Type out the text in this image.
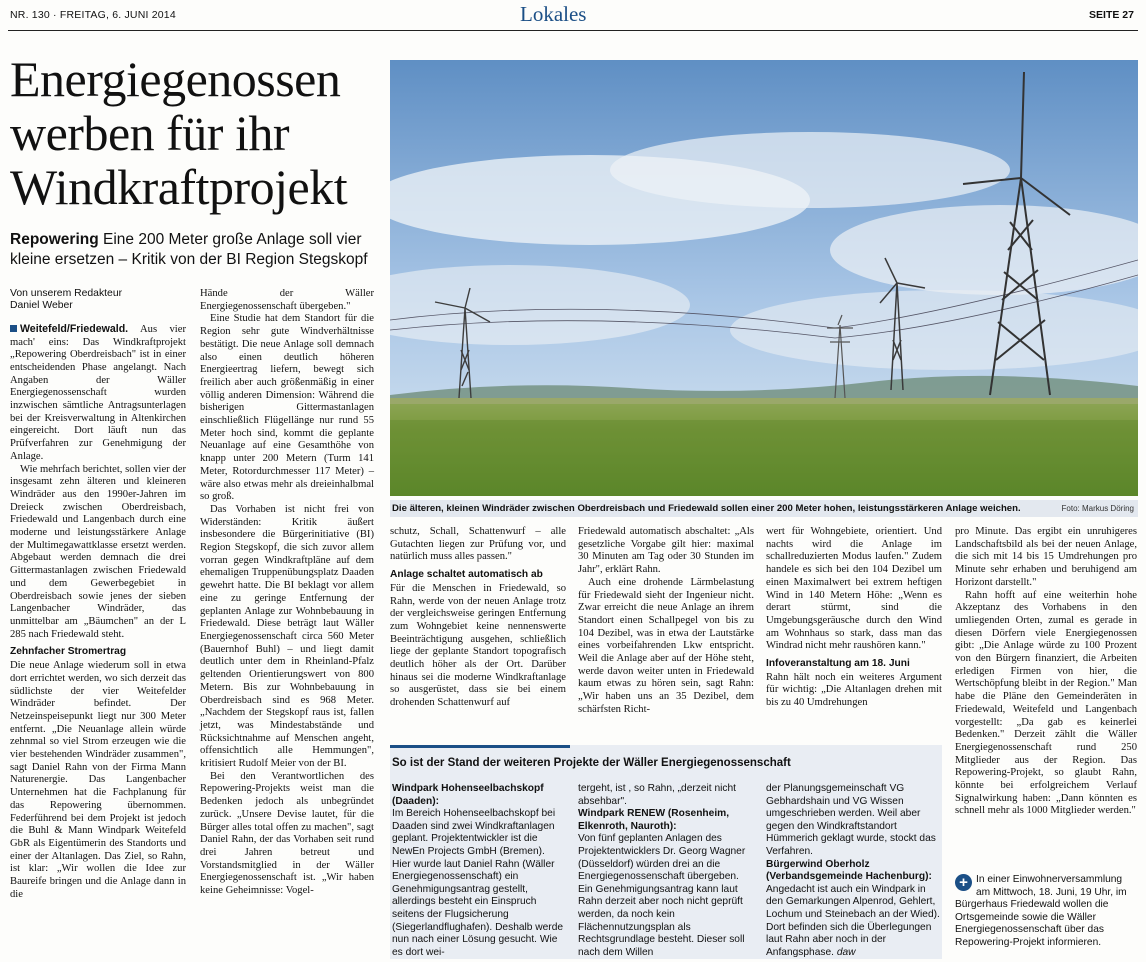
NR. 130 · FREITAG, 6. JUNI 2014	Lokales	SEITE 27
Energiegenossen werben für ihr Windkraftprojekt
Repowering Eine 200 Meter große Anlage soll vier kleine ersetzen – Kritik von der BI Region Stegskopf
Die älteren, kleinen Windräder zwischen Oberdreisbach und Friedewald sollen einer 200 Meter hohen, leistungsstärkeren Anlage weichen.	Foto: Markus Döring
Von unserem Redakteur
Daniel Weber

Weitefeld/Friedewald. Aus vier mach' eins: Das Windkraftprojekt „Repowering Oberdreisbach" ist in einer entscheidenden Phase angelangt. Nach Angaben der Wäller Energiegenossenschaft wurden inzwischen sämtliche Antragsunterlagen bei der Kreisverwaltung in Altenkirchen eingereicht. Dort läuft nun das Prüfverfahren zur Genehmigung der Anlage.

Wie mehrfach berichtet, sollen vier der insgesamt zehn älteren und kleineren Windräder aus den 1990er-Jahren im Dreieck zwischen Oberdreisbach, Friedewald und Langenbach durch eine moderne und leistungsstärkere Anlage der Multimegawattklasse ersetzt werden. Abgebaut werden demnach die drei Gittermastanlagen zwischen Friedewald und dem Gewerbegebiet in Oberdreisbach sowie jenes der sieben Langenbacher Windräder, das unmittelbar am „Bäumchen" an der L 285 nach Friedewald steht.

Zehnfacher Stromertrag

Die neue Anlage wiederum soll in etwa dort errichtet werden, wo sich derzeit das südlichste der vier Weitefelder Windräder befindet. Der Netzeinspeisepunkt liegt nur 300 Meter entfernt. „Die Neuanlage allein würde zehnmal so viel Strom erzeugen wie die vier bestehenden Windräder zusammen", sagt Daniel Rahn von der Firma Mann Naturenergie. Das Langenbacher Unternehmen hat die Fachplanung für das Repowering übernommen. Federführend bei dem Projekt ist jedoch die Buhl & Mann Windpark Weitefeld GbR als Eigentümerin des Standorts und einer der Altanlagen. Das Ziel, so Rahn, ist klar: „Wir wollen die Idee zur Baureife bringen und die Anlage dann in die

Hände der Wäller Energiegenossenschaft übergeben."

Eine Studie hat dem Standort für die Region sehr gute Windverhältnisse bestätigt. Die neue Anlage soll demnach also einen deutlich höheren Energieertrag liefern, bewegt sich freilich aber auch größenmäßig in einer völlig anderen Dimension: Während die bisherigen Gittermastanlagen einschließlich Flügellänge nur rund 55 Meter hoch sind, kommt die geplante Neuanlage auf eine Gesamthöhe von knapp unter 200 Metern (Turm 141 Meter, Rotordurchmesser 117 Meter) – wäre also etwas mehr als dreieinhalbmal so groß.

Das Vorhaben ist nicht frei von Widerständen: Kritik äußert insbesondere die Bürgerinitiative (BI) Region Stegskopf, die sich zuvor allem vorran gegen Windkraftpläne auf dem ehemaligen Truppenübungsplatz Daaden gewehrt hatte. Die BI beklagt vor allem eine zu geringe Entfernung der geplanten Anlage zur Wohnbebauung in Friedewald. Diese beträgt laut Wäller Energiegenossenschaft circa 560 Meter (Bauernhof Buhl) – und liegt damit deutlich unter dem in Rheinland-Pfalz geltenden Orientierungswert von 800 Metern. Bis zur Wohnbebauung in Oberdreisbach sind es 968 Meter. „Nachdem der Stegskopf raus ist, fallen jetzt, was Mindestabstände und Rücksichtnahme auf Menschen angeht, offensichtlich alle Hemmungen", kritisiert Rudolf Meier von der BI.

Bei den Verantwortlichen des Repowering-Projekts weist man die Bedenken jedoch als unbegründet zurück. „Unsere Devise lautet, für die Bürger alles total offen zu machen", sagt Daniel Rahn, der das Vorhaben seit rund drei Jahren betreut und Vorstandsmitglied in der Wäller Energiegenossenschaft ist. „Wir haben keine Geheimnisse: Vogel-

schutz, Schall, Schattenwurf – alle Gutachten liegen zur Prüfung vor, und natürlich muss alles passen."

Anlage schaltet automatisch ab

Für die Menschen in Friedewald, so Rahn, werde von der neuen Anlage trotz der vergleichsweise geringen Entfernung zum Wohngebiet keine nennenswerte Beeinträchtigung ausgehen, schließlich liege der geplante Standort topografisch deutlich höher als der Ort. Darüber hinaus sei die moderne Windkraftanlage so ausgerüstet, dass sie bei einem drohenden Schattenwurf auf

Friedewald automatisch abschaltet: „Als gesetzliche Vorgabe gilt hier: maximal 30 Minuten am Tag oder 30 Stunden im Jahr", erklärt Rahn.

Auch eine drohende Lärmbelastung für Friedewald sieht der Ingenieur nicht. Zwar erreicht die neue Anlage an ihrem Standort einen Schallpegel von bis zu 104 Dezibel, was in etwa der Lautstärke eines vorbeifahrenden Lkw entspricht. Weil die Anlage aber auf der Höhe steht, werde davon weiter unten in Friedewald kaum etwas zu hören sein, sagt Rahn: „Wir haben uns an 35 Dezibel, dem schärfsten Richt-

wert für Wohngebiete, orientiert. Und nachts wird die Anlage im schallreduzierten Modus laufen." Zudem handele es sich bei den 104 Dezibel um einen Maximalwert bei extrem heftigen Wind in 140 Metern Höhe: „Wenn es derart stürmt, sind die Umgebungsgeräusche durch den Wind am Wohnhaus so stark, dass man das Windrad nicht mehr raushören kann."

Infoveranstaltung am 18. Juni

Rahn hält noch ein weiteres Argument für wichtig: „Die Altanlagen drehen mit bis zu 40 Umdrehungen

pro Minute. Das ergibt ein unruhigeres Landschaftsbild als bei der neuen Anlage, die sich mit 14 bis 15 Umdrehungen pro Minute sehr erhaben und beruhigend am Horizont darstellt."

Rahn hofft auf eine weiterhin hohe Akzeptanz des Vorhabens in den umliegenden Orten, zumal es gerade in diesen Dörfern viele Energiegenossen gibt: „Die Anlage würde zu 100 Prozent von den Bürgern finanziert, die Arbeiten erledigen Firmen von hier, die Wertschöpfung bleibt in der Region." Man habe die Pläne den Gemeinderäten in Friedewald, Weitefeld und Langenbach vorgestellt: „Da gab es keinerlei Bedenken." Derzeit zählt die Wäller Energiegenossenschaft rund 250 Mitglieder aus der Region. Das Repowering-Projekt, so glaubt Rahn, könnte bei erfolgreichem Verlauf Signalwirkung haben: „Dann könnten es schnell mehr als 1000 Mitglieder werden."

So ist der Stand der weiteren Projekte der Wäller Energiegenossenschaft
Windpark Hohenseelbachskopf (Daaden):
Im Bereich Hohenseelbachskopf bei Daaden sind zwei Windkraftanlagen geplant. Projektentwickler ist die NewEn Projects GmbH (Bremen). Hier wurde laut Daniel Rahn (Wäller Energiegenossenschaft) ein Genehmigungsantrag gestellt, allerdings besteht ein Einspruch seitens der Flugsicherung (Siegerlandflughafen). Deshalb werde nun nach einer Lösung gesucht. Wie es dort wei-
tergeht, ist , so Rahn, „derzeit nicht absehbar".
Windpark RENEW (Rosenheim, Elkenroth, Nauroth):
Von fünf geplanten Anlagen des Projektentwicklers Dr. Georg Wagner (Düsseldorf) würden drei an die Energiegenossenschaft übergeben. Ein Genehmigungsantrag kann laut Rahn derzeit aber noch nicht geprüft werden, da noch kein Flächennutzungsplan als Rechtsgrundlage besteht. Dieser soll nach dem Willen
der Planungsgemeinschaft VG Gebhardshain und VG Wissen umgeschrieben werden. Weil aber gegen den Windkraftstandort Hümmerich geklagt wurde, stockt das Verfahren.
Bürgerwind Oberholz (Verbandsgemeinde Hachenburg):
Angedacht ist auch ein Windpark in den Gemarkungen Alpenrod, Gehlert, Lochum und Steinebach an der Wied). Dort befinden sich die Überlegungen laut Rahn aber noch in der Anfangsphase. daw
+ In einer Einwohnerversammlung am Mittwoch, 18. Juni, 19 Uhr, im Bürgerhaus Friedewald wollen die Ortsgemeinde sowie die Wäller Energiegenossenschaft über das Repowering-Projekt informieren.
